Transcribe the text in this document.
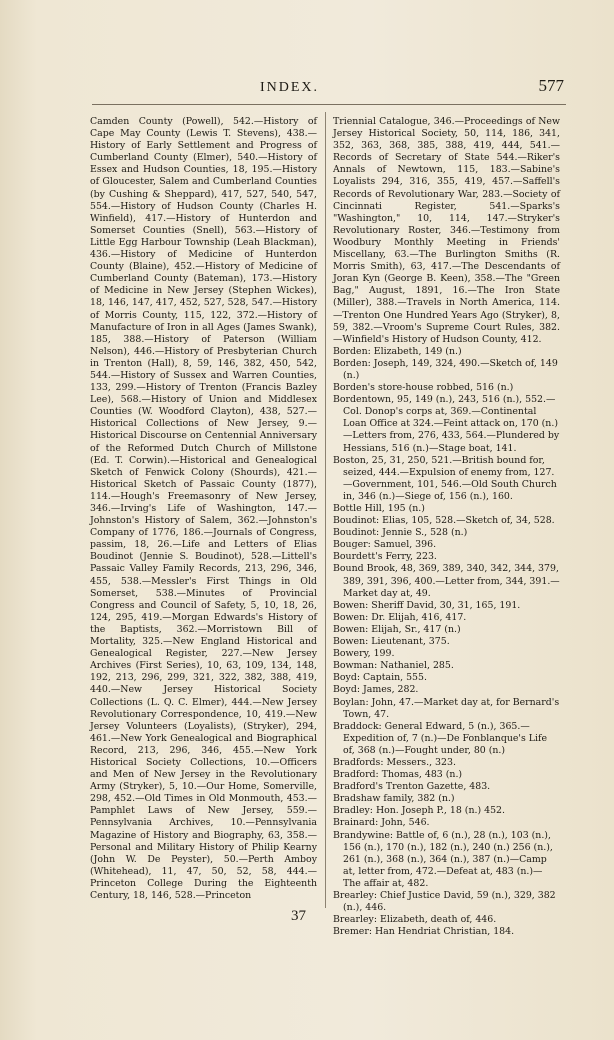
INDEX.	577

Camden County (Powell), 542.—History of Cape May County (Lewis T. Stevens), 438.—History of Early Settlement and Progress of Cumberland County (Elmer), 540.—History of Essex and Hudson Counties, 18, 195.—History of Gloucester, Salem and Cumberland Counties (by Cushing & Sheppard), 417, 527, 540, 547, 554.—History of Hudson County (Charles H. Winfield), 417.—History of Hunterdon and Somerset Counties (Snell), 563.—History of Little Egg Harbour Township (Leah Blackman), 436.—History of Medicine of Hunterdon County (Blaine), 452.—History of Medicine of Cumberland County (Bateman), 173.—History of Medicine in New Jersey (Stephen Wickes), 18, 146, 147, 417, 452, 527, 528, 547.—History of Morris County, 115, 122, 372.—History of Manufacture of Iron in all Ages (James Swank), 185, 388.—History of Paterson (William Nelson), 446.—History of Presbyterian Church in Trenton (Hall), 8, 59, 146, 382, 450, 542, 544.—History of Sussex and Warren Counties, 133, 299.—History of Trenton (Francis Bazley Lee), 568.—History of Union and Middlesex Counties (W. Woodford Clayton), 438, 527.—Historical Collections of New Jersey, 9.—Historical Discourse on Centennial Anniversary of the Reformed Dutch Church of Millstone (Ed. T. Corwin).—Historical and Genealogical Sketch of Fenwick Colony (Shourds), 421.—Historical Sketch of Passaic County (1877), 114.—Hough's Freemasonry of New Jersey, 346.—Irving's Life of Washington, 147.—Johnston's History of Salem, 362.—Johnston's Company of 1776, 186.—Journals of Congress, passim, 18, 26.—Life and Letters of Elias Boudinot (Jennie S. Boudinot), 528.—Littell's Passaic Valley Family Records, 213, 296, 346, 455, 538.—Messler's First Things in Old Somerset, 538.—Minutes of Provincial Congress and Council of Safety, 5, 10, 18, 26, 124, 295, 419.—Morgan Edwards's History of the Baptists, 362.—Morristown Bill of Mortality, 325.—New England Historical and Genealogical Register, 227.—New Jersey Archives (First Series), 10, 63, 109, 134, 148, 192, 213, 296, 299, 321, 322, 382, 388, 419, 440.—New Jersey Historical Society Collections (L. Q. C. Elmer), 444.—New Jersey Revolutionary Correspondence, 10, 419.—New Jersey Volunteers (Loyalists), (Stryker), 294, 461.—New York Genealogical and Biographical Record, 213, 296, 346, 455.—New York Historical Society Collections, 10.—Officers and Men of New Jersey in the Revolutionary Army (Stryker), 5, 10.—Our Home, Somerville, 298, 452.—Old Times in Old Monmouth, 453.—Pamphlet Laws of New Jersey, 559.—Pennsylvania Archives, 10.—Pennsylvania Magazine of History and Biography, 63, 358.—Personal and Military History of Philip Kearny (John W. De Peyster), 50.—Perth Amboy (Whitehead), 11, 47, 50, 52, 58, 444.—Princeton College During the Eighteenth Century, 18, 146, 528.—Princeton

Triennial Catalogue, 346.—Proceedings of New Jersey Historical Society, 50, 114, 186, 341, 352, 363, 368, 385, 388, 419, 444, 541.—Records of Secretary of State 544.—Riker's Annals of Newtown, 115, 183.—Sabine's Loyalists 294, 316, 355, 419, 457.—Saffell's Records of Revolutionary War, 283.—Society of Cincinnati Register, 541.—Sparks's "Washington," 10, 114, 147.—Stryker's Revolutionary Roster, 346.—Testimony from Woodbury Monthly Meeting in Friends' Miscellany, 63.—The Burlington Smiths (R. Morris Smith), 63, 417.—The Descendants of Joran Kyn (George B. Keen), 358.—The "Green Bag," August, 1891, 16.—The Iron State (Miller), 388.—Travels in North America, 114.—Trenton One Hundred Years Ago (Stryker), 8, 59, 382.—Vroom's Supreme Court Rules, 382.—Winfield's History of Hudson County, 412.

Borden: Elizabeth, 149 (n.)

Borden: Joseph, 149, 324, 490.—Sketch of, 149 (n.)

Borden's store-house robbed, 516 (n.)

Bordentown, 95, 149 (n.), 243, 516 (n.), 552.—Col. Donop's corps at, 369.—Continental Loan Office at 324.—Feint attack on, 170 (n.)—Letters from, 276, 433, 564.—Plundered by Hessians, 516 (n.)—Stage boat, 141.

Boston, 25, 31, 250, 521.—British bound for, seized, 444.—Expulsion of enemy from, 127.—Government, 101, 546.—Old South Church in, 346 (n.)—Siege of, 156 (n.), 160.

Bottle Hill, 195 (n.)

Boudinot: Elias, 105, 528.—Sketch of, 34, 528.

Boudinot: Jennie S., 528 (n.)

Bouger: Samuel, 396.

Bourdett's Ferry, 223.

Bound Brook, 48, 369, 389, 340, 342, 344, 379, 389, 391, 396, 400.—Letter from, 344, 391.—Market day at, 49.

Bowen: Sheriff David, 30, 31, 165, 191.

Bowen: Dr. Elijah, 416, 417.

Bowen: Elijah, Sr., 417 (n.)

Bowen: Lieutenant, 375.

Bowery, 199.

Bowman: Nathaniel, 285.

Boyd: Captain, 555.

Boyd: James, 282.

Boylan: John, 47.—Market day at, for Bernard's Town, 47.

Braddock: General Edward, 5 (n.), 365.—Expedition of, 7 (n.)—De Fonblanque's Life of, 368 (n.)—Fought under, 80 (n.)

Bradfords: Messers., 323.

Bradford: Thomas, 483 (n.)

Bradford's Trenton Gazette, 483.

Bradshaw family, 382 (n.)

Bradley: Hon. Joseph P., 18 (n.) 452.

Brainard: John, 546.

Brandywine: Battle of, 6 (n.), 28 (n.), 103 (n.), 156 (n.), 170 (n.), 182 (n.), 240 (n.) 256 (n.), 261 (n.), 368 (n.), 364 (n.), 387 (n.)—Camp at, letter from, 472.—Defeat at, 483 (n.)—The affair at, 482.

Brearley: Chief Justice David, 59 (n.), 329, 382 (n.), 446.

Brearley: Elizabeth, death of, 446.

Bremer: Han Hendriat Christian, 184.

37
